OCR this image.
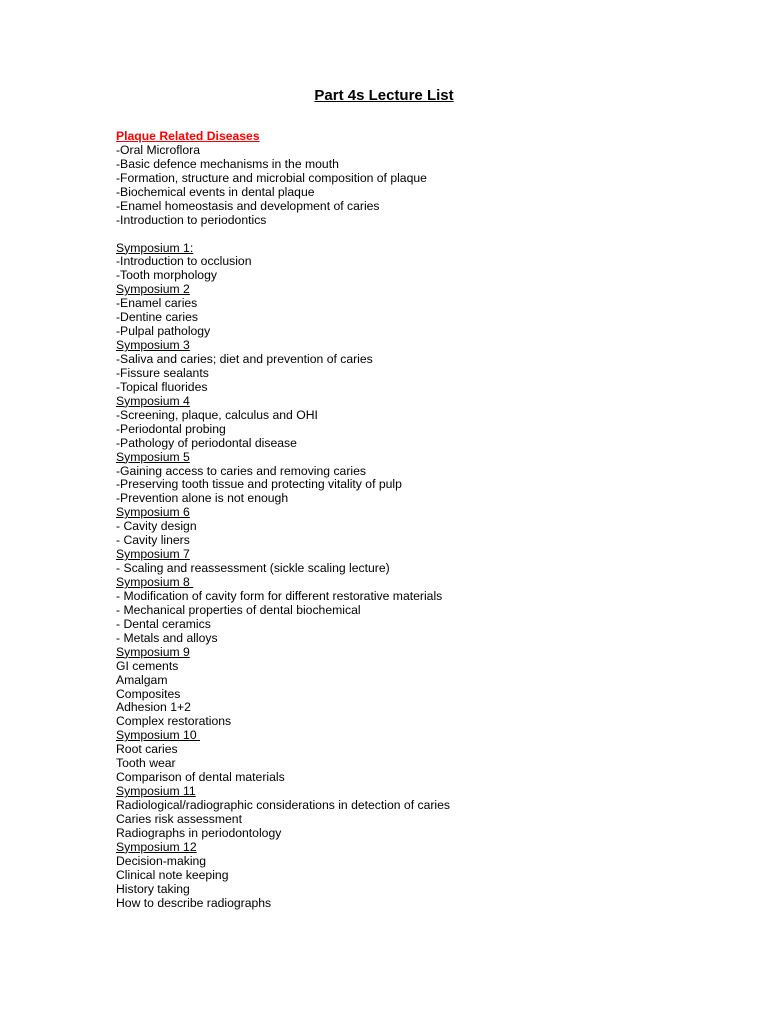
Part 4s Lecture List
Plaque Related Diseases
-Oral Microflora
-Basic defence mechanisms in the mouth
-Formation, structure and microbial composition of plaque
-Biochemical events in dental plaque
-Enamel homeostasis and development of caries
-Introduction to periodontics
Symposium 1:
-Introduction to occlusion
-Tooth morphology
Symposium 2
-Enamel caries
-Dentine caries
-Pulpal pathology
Symposium 3
-Saliva and caries; diet and prevention of caries
-Fissure sealants
-Topical fluorides
Symposium 4
-Screening, plaque, calculus and OHI
-Periodontal probing
-Pathology of periodontal disease
Symposium 5
-Gaining access to caries and removing caries
-Preserving tooth tissue and protecting vitality of pulp
-Prevention alone is not enough
Symposium 6
- Cavity design
- Cavity liners
Symposium 7
- Scaling and reassessment (sickle scaling lecture)
Symposium 8
- Modification of cavity form for different restorative materials
- Mechanical properties of dental biochemical
- Dental ceramics
- Metals and alloys
Symposium 9
GI cements
Amalgam
Composites
Adhesion 1+2
Complex restorations
Symposium 10
Root caries
Tooth wear
Comparison of dental materials
Symposium 11
Radiological/radiographic considerations in detection of caries
Caries risk assessment
Radiographs in periodontology
Symposium 12
Decision-making
Clinical note keeping
History taking
How to describe radiographs
